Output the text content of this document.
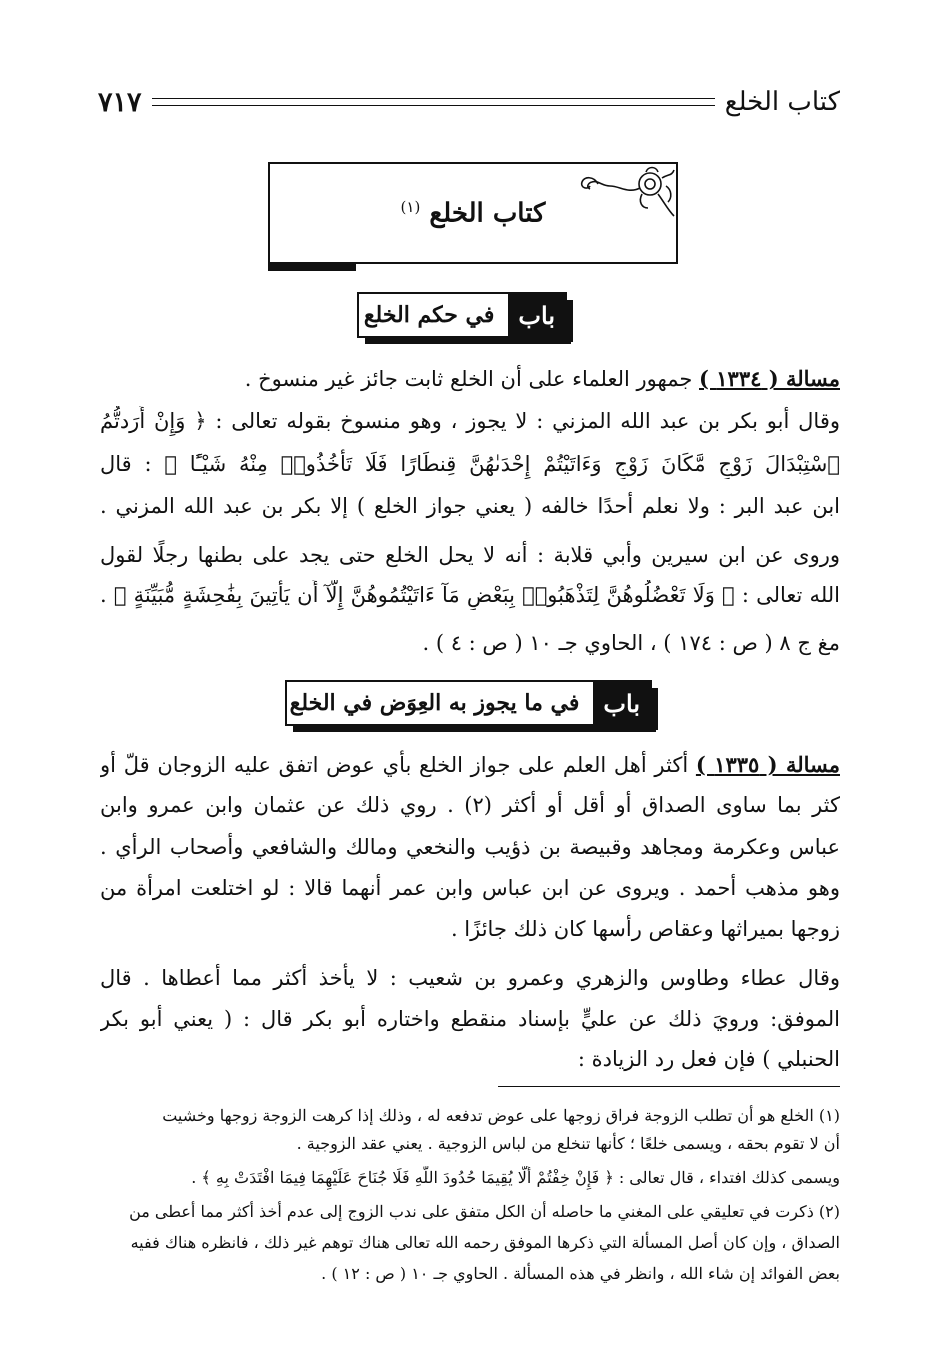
كتاب الخلع
٧١٧
كتاب الخلع $^{(١)}$
باب
في حكم الخلع
مسالة ( ١٣٣٤ ) جمهور العلماء على أن الخلع ثابت جائز غير منسوخ .
وقال أبو بكر بن عبد الله المزني : لا يجوز ، وهو منسوخ بقوله تعالى : ﴿ وَإِنْ أَرَدتُّمُ
ٱسْتِبْدَالَ زَوْجٍ مَّكَانَ زَوْجٍ وَءَاتَيْتُمْ إِحْدَىٰهُنَّ قِنطَارًا فَلَا تَأْخُذُوا۟ مِنْهُ شَيْـًٔا ﴾ : قال
ابن عبد البر : ولا نعلم أحدًا خالفه ( يعني جواز الخلع ) إلا بكر بن عبد الله المزني .
وروى عن ابن سيرين وأبي قلابة : أنه لا يحل الخلع حتى يجد على بطنها رجلًا لقول
الله تعالى : ﴿ وَلَا تَعْضُلُوهُنَّ لِتَذْهَبُوا۟ بِبَعْضِ مَآ ءَاتَيْتُمُوهُنَّ إِلَّآ أَن يَأْتِينَ بِفَٰحِشَةٍ مُّبَيِّنَةٍ ﴾ .
مغ ج ٨ ( ص : ١٧٤ ) ، الحاوي جـ ١٠ ( ص : ٤ ) .
باب
في ما يجوز به العِوَض في الخلع
مسالة ( ١٣٣٥ ) أكثر أهل العلم على جواز الخلع بأي عوض اتفق عليه الزوجان قلّ أو
كثر بما ساوى الصداق أو أقل أو أكثر (٢) . روي ذلك عن عثمان وابن عمرو وابن
عباس وعكرمة ومجاهد وقبيصة بن ذؤيب والنخعي ومالك والشافعي وأصحاب الرأي .
وهو مذهب أحمد . ويروى عن ابن عباس وابن عمر أنهما قالا : لو اختلعت امرأة من
زوجها بميراثها وعقاص رأسها كان ذلك جائزًا .
وقال عطاء وطاوس والزهري وعمرو بن شعيب : لا يأخذ أكثر مما أعطاها . قال
الموفق: ورويَ ذلك عن عليٍّ بإسناد منقطع واختاره أبو بكر قال : ( يعني أبو بكر
الحنبلي ) فإن فعل رد الزيادة :
(١) الخلع هو أن تطلب الزوجة فراق زوجها على عوض تدفعه له ، وذلك إذا كرهت الزوجة زوجها وخشيت
أن لا تقوم بحقه ، ويسمى خلعًا ؛ كأنها تنخلع من لباس الزوجية . يعني عقد الزوجية .
ويسمى كذلك افتداء ، قال تعالى : ﴿ فَإِنْ خِفْتُمْ أَلَّا يُقِيمَا حُدُودَ اللَّهِ فَلَا جُنَاحَ عَلَيْهِمَا فِيمَا افْتَدَتْ بِهِ ﴾ .
(٢) ذكرت في تعليقي على المغني ما حاصله أن الكل متفق على ندب الزوج إلى عدم أخذ أكثر مما أعطى من
الصداق ، وإن كان أصل المسألة التي ذكرها الموفق رحمه الله تعالى هناك توهم غير ذلك ، فانظره هناك ففيه
بعض الفوائد إن شاء الله ، وانظر في هذه المسألة . الحاوي جـ ١٠ ( ص : ١٢ ) .
